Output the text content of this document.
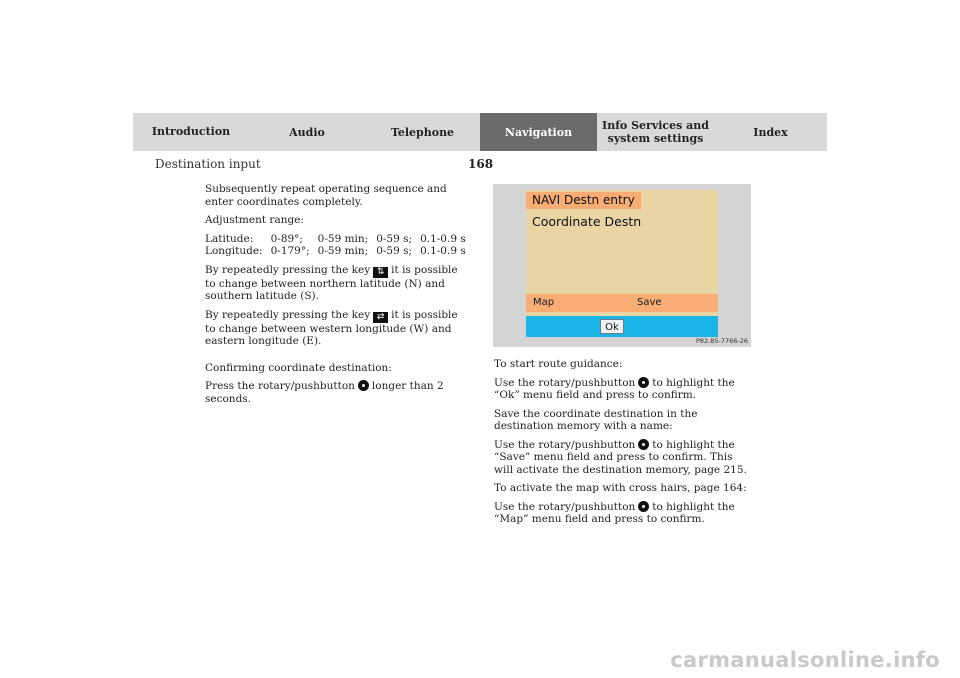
Introduction	Audio	Telephone	Navigation	Info Services and system settings	Index
Destination input	168

Subsequently repeat operating sequence and enter coordinates completely.

Adjustment range:

Latitude:	0-89°;	0-59 min;	0-59 s;	0.1-0.9 s
Longitude:	0-179°;	0-59 min;	0-59 s;	0.1-0.9 s

By repeatedly pressing the key ⇅ it is possible to change between northern latitude (N) and southern latitude (S).

By repeatedly pressing the key ⇄ it is possible to change between western longitude (W) and eastern longitude (E).

Confirming coordinate destination:

Press the rotary/pushbutton longer than 2 seconds.

NAVI Destn entry
Coordinate Destn
Map	Save
Ok
P82.85-7766-26

To start route guidance:

Use the rotary/pushbutton to highlight the “Ok” menu field and press to confirm.

Save the coordinate destination in the destination memory with a name:

Use the rotary/pushbutton to highlight the “Save” menu field and press to confirm. This will activate the destination memory, page 215.

To activate the map with cross hairs, page 164:

Use the rotary/pushbutton to highlight the “Map” menu field and press to confirm.

carmanualsonline.info
